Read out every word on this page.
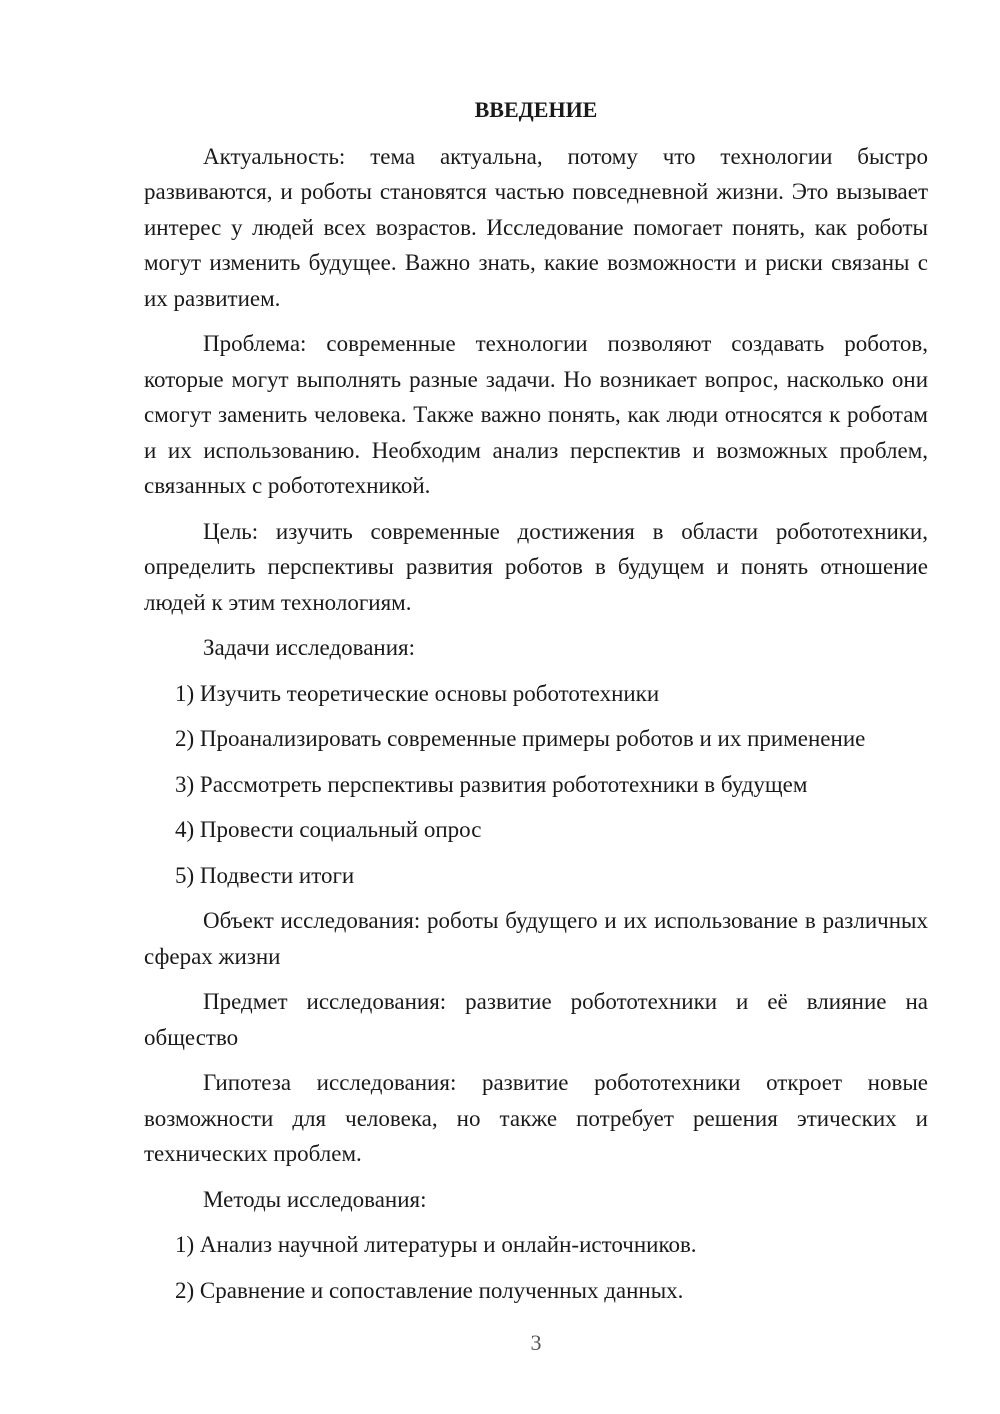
ВВЕДЕНИЕ

Актуальность: тема актуальна, потому что технологии быстро развиваются, и роботы становятся частью повседневной жизни. Это вызывает интерес у людей всех возрастов. Исследование помогает понять, как роботы могут изменить будущее. Важно знать, какие возможности и риски связаны с их развитием.

Проблема: современные технологии позволяют создавать роботов, которые могут выполнять разные задачи. Но возникает вопрос, насколько они смогут заменить человека. Также важно понять, как люди относятся к роботам и их использованию. Необходим анализ перспектив и возможных проблем, связанных с робототехникой.

Цель: изучить современные достижения в области робототехники, определить перспективы развития роботов в будущем и понять отношение людей к этим технологиям.

Задачи исследования:

1) Изучить теоретические основы робототехники

2) Проанализировать современные примеры роботов и их применение

3) Рассмотреть перспективы развития робототехники в будущем

4) Провести социальный опрос

5) Подвести итоги

Объект исследования: роботы будущего и их использование в различных сферах жизни

Предмет исследования: развитие робототехники и её влияние на общество

Гипотеза исследования: развитие робототехники откроет новые возможности для человека, но также потребует решения этических и технических проблем.

Методы исследования:

1) Анализ научной литературы и онлайн-источников.

2) Сравнение и сопоставление полученных данных.

3
